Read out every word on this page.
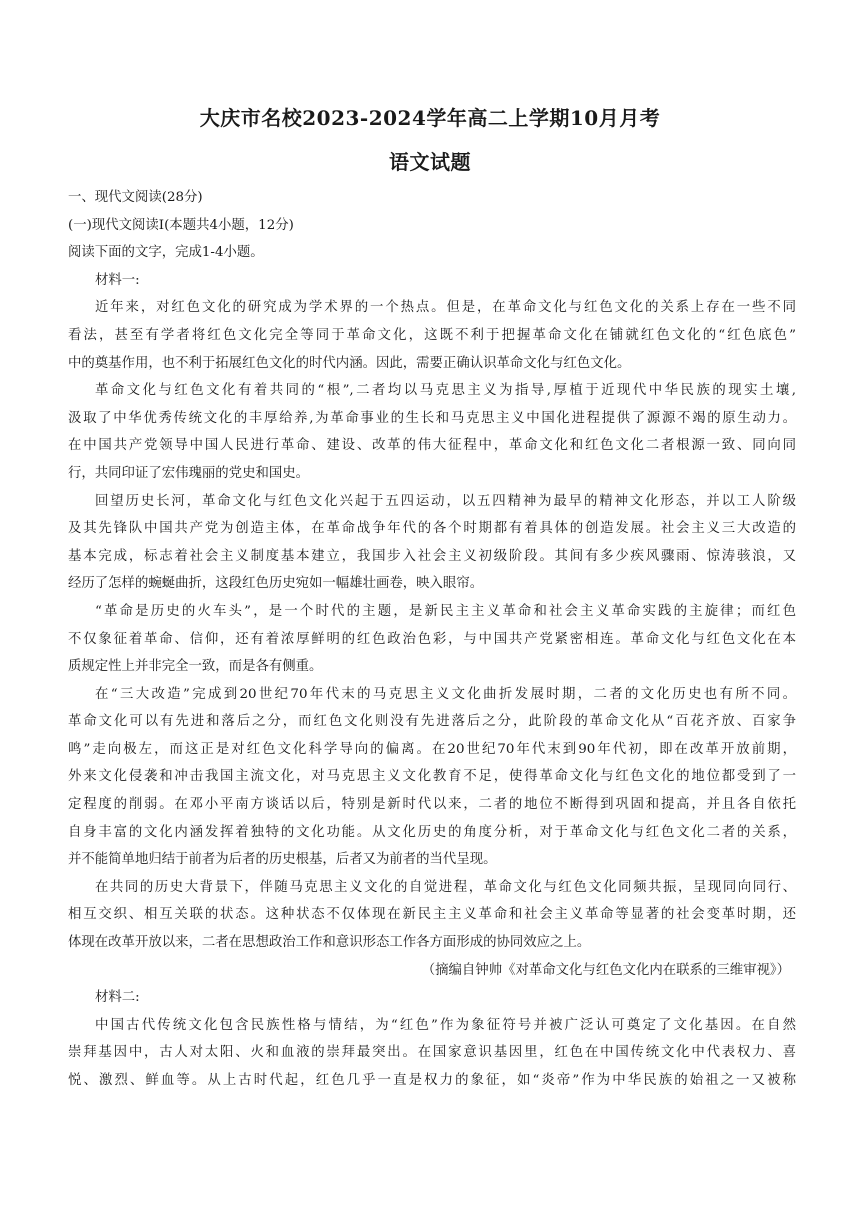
大庆市名校2023-2024学年高二上学期10月月考
语文试题
一、现代文阅读(28分)
(一)现代文阅读Ⅰ(本题共4小题，12分)
阅读下面的文字，完成1-4小题。
材料一:
近年来，对红色文化的研究成为学术界的一个热点。但是，在革命文化与红色文化的关系上存在一些不同
看法，甚至有学者将红色文化完全等同于革命文化，这既不利于把握革命文化在铺就红色文化的“红色底色”
中的奠基作用，也不利于拓展红色文化的时代内涵。因此，需要正确认识革命文化与红色文化。
革命文化与红色文化有着共同的“根”,二者均以马克思主义为指导,厚植于近现代中华民族的现实土壤,
汲取了中华优秀传统文化的丰厚给养,为革命事业的生长和马克思主义中国化进程提供了源源不竭的原生动力。
在中国共产党领导中国人民进行革命、建设、改革的伟大征程中，革命文化和红色文化二者根源一致、同向同
行，共同印证了宏伟瑰丽的党史和国史。
回望历史长河，革命文化与红色文化兴起于五四运动，以五四精神为最早的精神文化形态，并以工人阶级
及其先锋队中国共产党为创造主体，在革命战争年代的各个时期都有着具体的创造发展。社会主义三大改造的
基本完成，标志着社会主义制度基本建立，我国步入社会主义初级阶段。其间有多少疾风骤雨、惊涛骇浪，又
经历了怎样的蜿蜒曲折，这段红色历史宛如一幅雄壮画卷，映入眼帘。
“革命是历史的火车头”，是一个时代的主题，是新民主主义革命和社会主义革命实践的主旋律；而红色
不仅象征着革命、信仰，还有着浓厚鲜明的红色政治色彩，与中国共产党紧密相连。革命文化与红色文化在本
质规定性上并非完全一致，而是各有侧重。
在“三大改造”完成到20世纪70年代末的马克思主义文化曲折发展时期，二者的文化历史也有所不同。
革命文化可以有先进和落后之分，而红色文化则没有先进落后之分，此阶段的革命文化从“百花齐放、百家争
鸣”走向极左，而这正是对红色文化科学导向的偏离。在20世纪70年代末到90年代初，即在改革开放前期，
外来文化侵袭和冲击我国主流文化，对马克思主义文化教育不足，使得革命文化与红色文化的地位都受到了一
定程度的削弱。在邓小平南方谈话以后，特别是新时代以来，二者的地位不断得到巩固和提高，并且各自依托
自身丰富的文化内涵发挥着独特的文化功能。从文化历史的角度分析，对于革命文化与红色文化二者的关系，
并不能简单地归结于前者为后者的历史根基，后者又为前者的当代呈现。
在共同的历史大背景下，伴随马克思主义文化的自觉进程，革命文化与红色文化同频共振，呈现同向同行、
相互交织、相互关联的状态。这种状态不仅体现在新民主主义革命和社会主义革命等显著的社会变革时期，还
体现在改革开放以来，二者在思想政治工作和意识形态工作各方面形成的协同效应之上。
（摘编自钟帅《对革命文化与红色文化内在联系的三维审视》）
材料二:
中国古代传统文化包含民族性格与情结，为“红色”作为象征符号并被广泛认可奠定了文化基因。在自然
崇拜基因中，古人对太阳、火和血液的崇拜最突出。在国家意识基因里，红色在中国传统文化中代表权力、喜
悦、激烈、鲜血等。从上古时代起，红色几乎一直是权力的象征，如“炎帝”作为中华民族的始祖之一又被称
